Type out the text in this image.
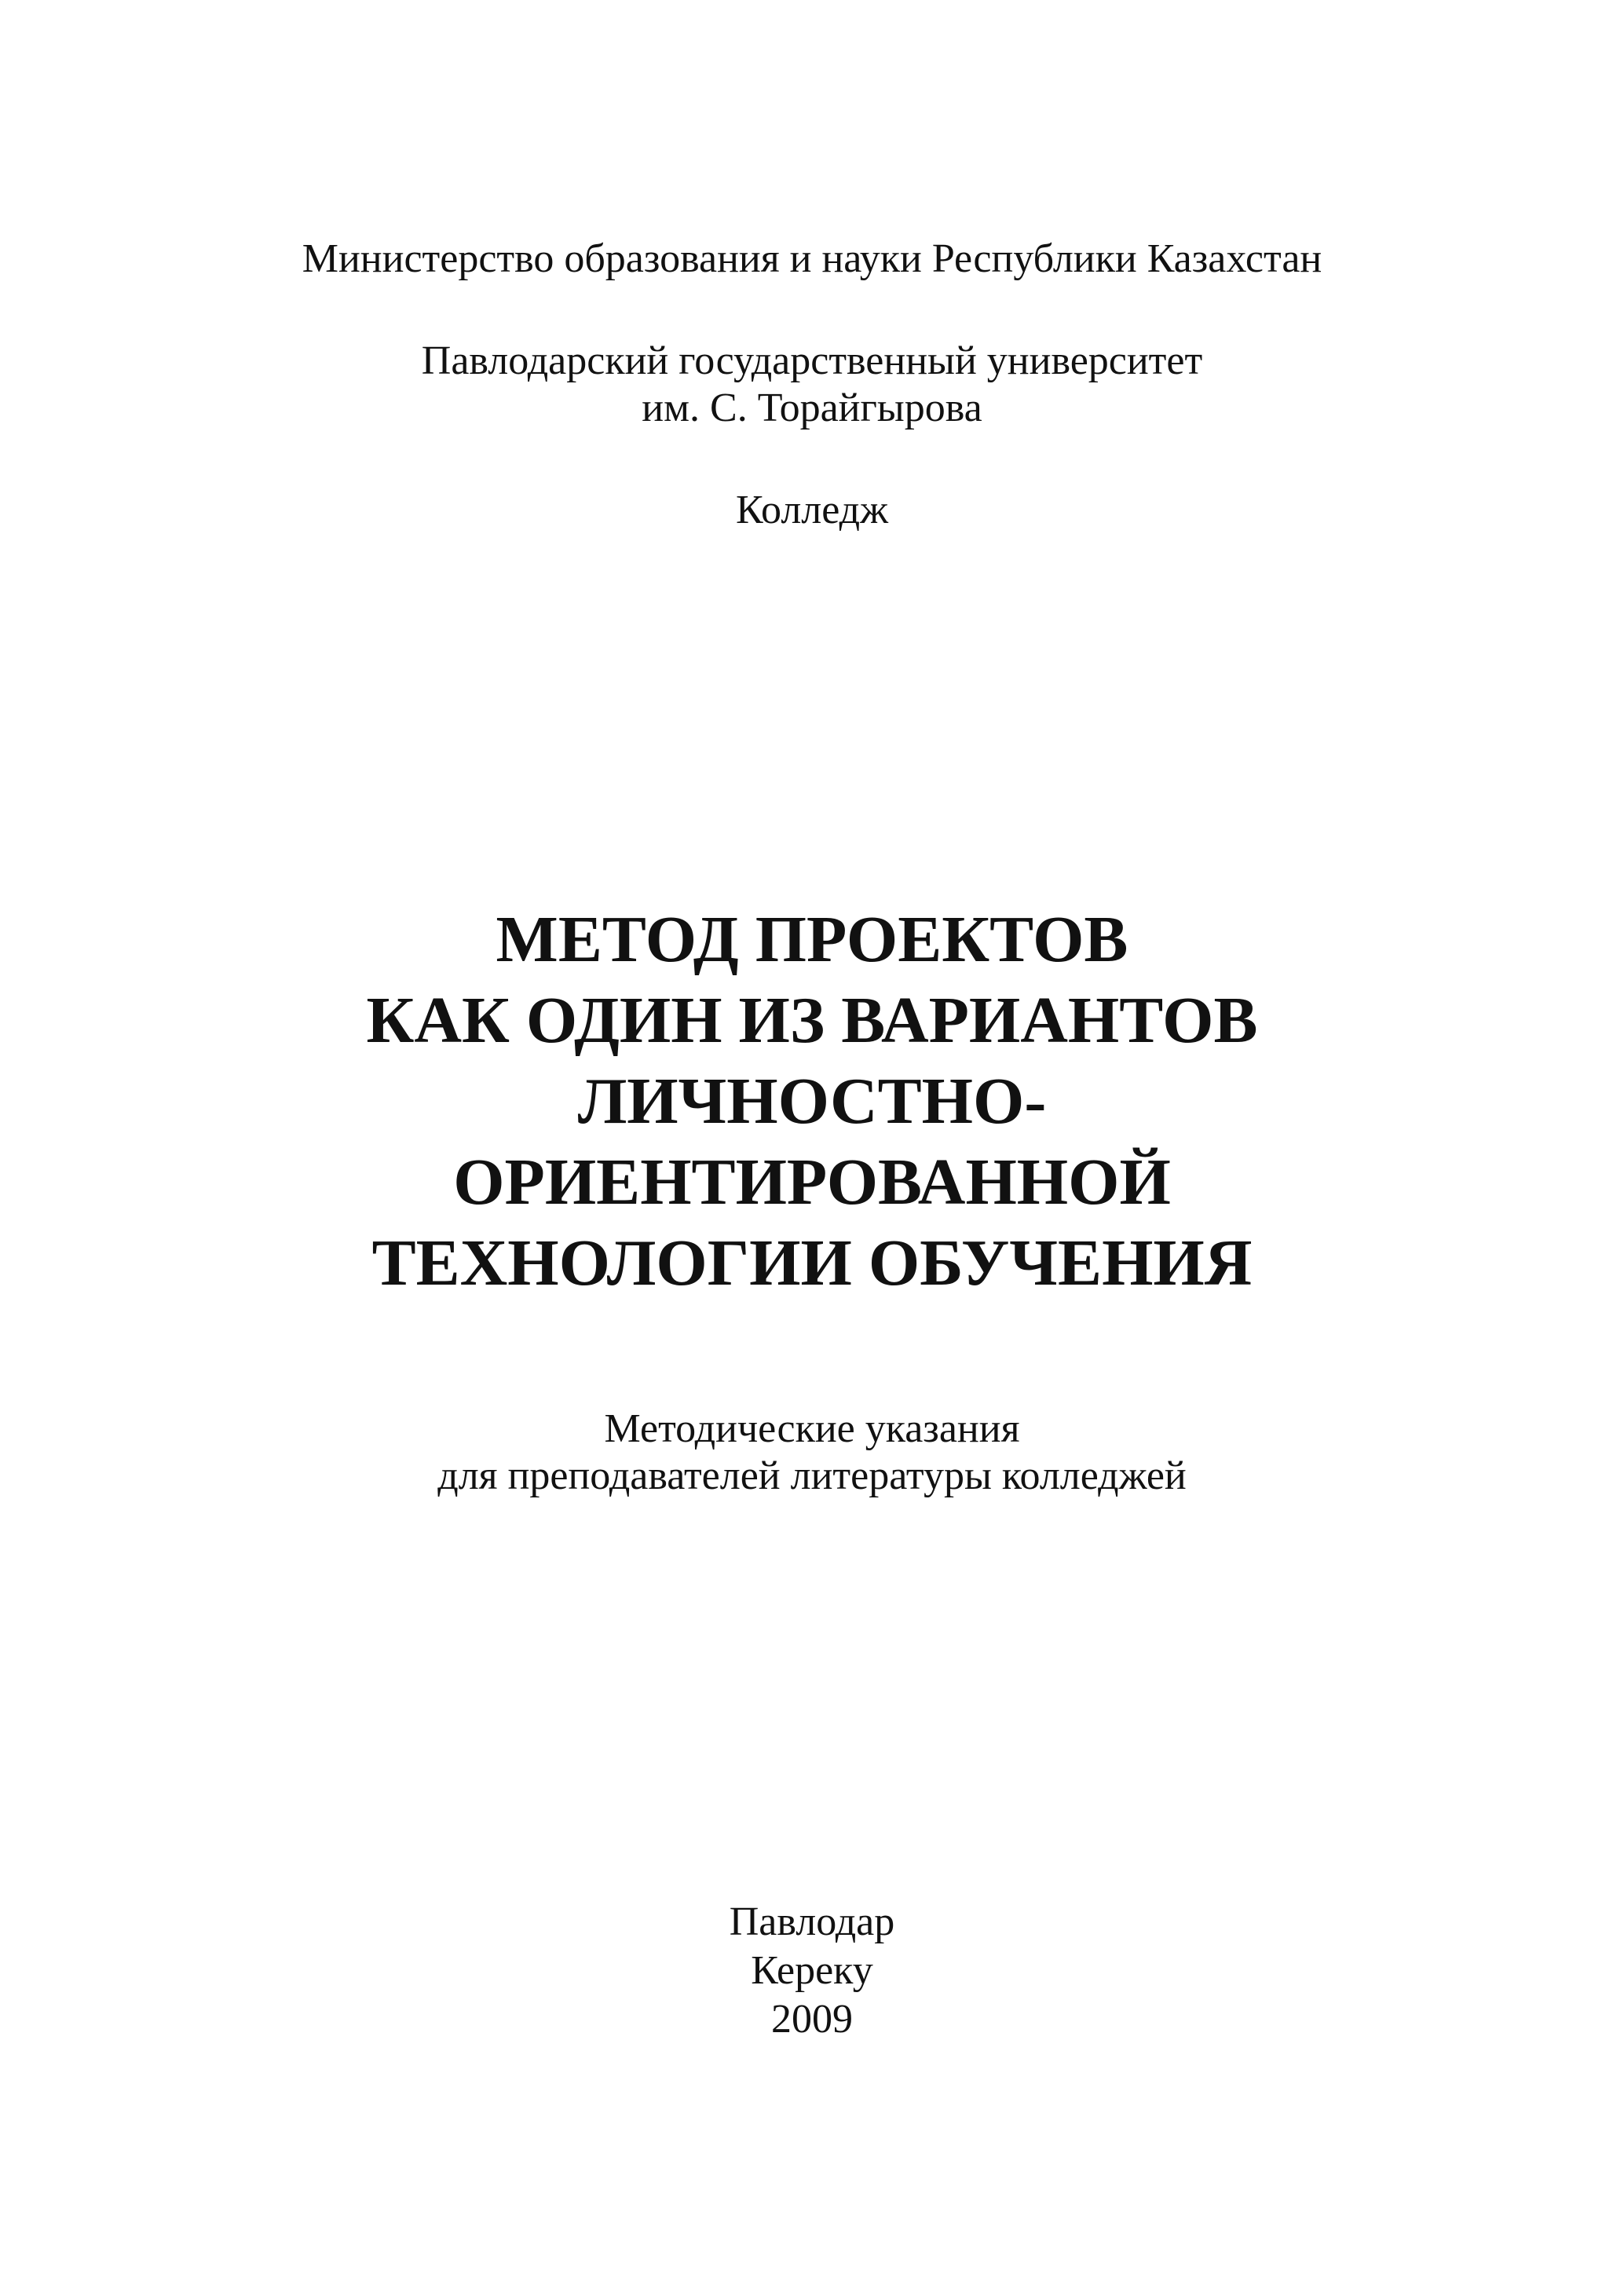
Министерство образования и науки Республики Казахстан
Павлодарский государственный университет
им. С. Торайгырова
Колледж
МЕТОД ПРОЕКТОВ
КАК ОДИН ИЗ ВАРИАНТОВ
ЛИЧНОСТНО-
ОРИЕНТИРОВАННОЙ
ТЕХНОЛОГИИ ОБУЧЕНИЯ
Методические указания
для преподавателей литературы колледжей
Павлодар
Кереку
2009
